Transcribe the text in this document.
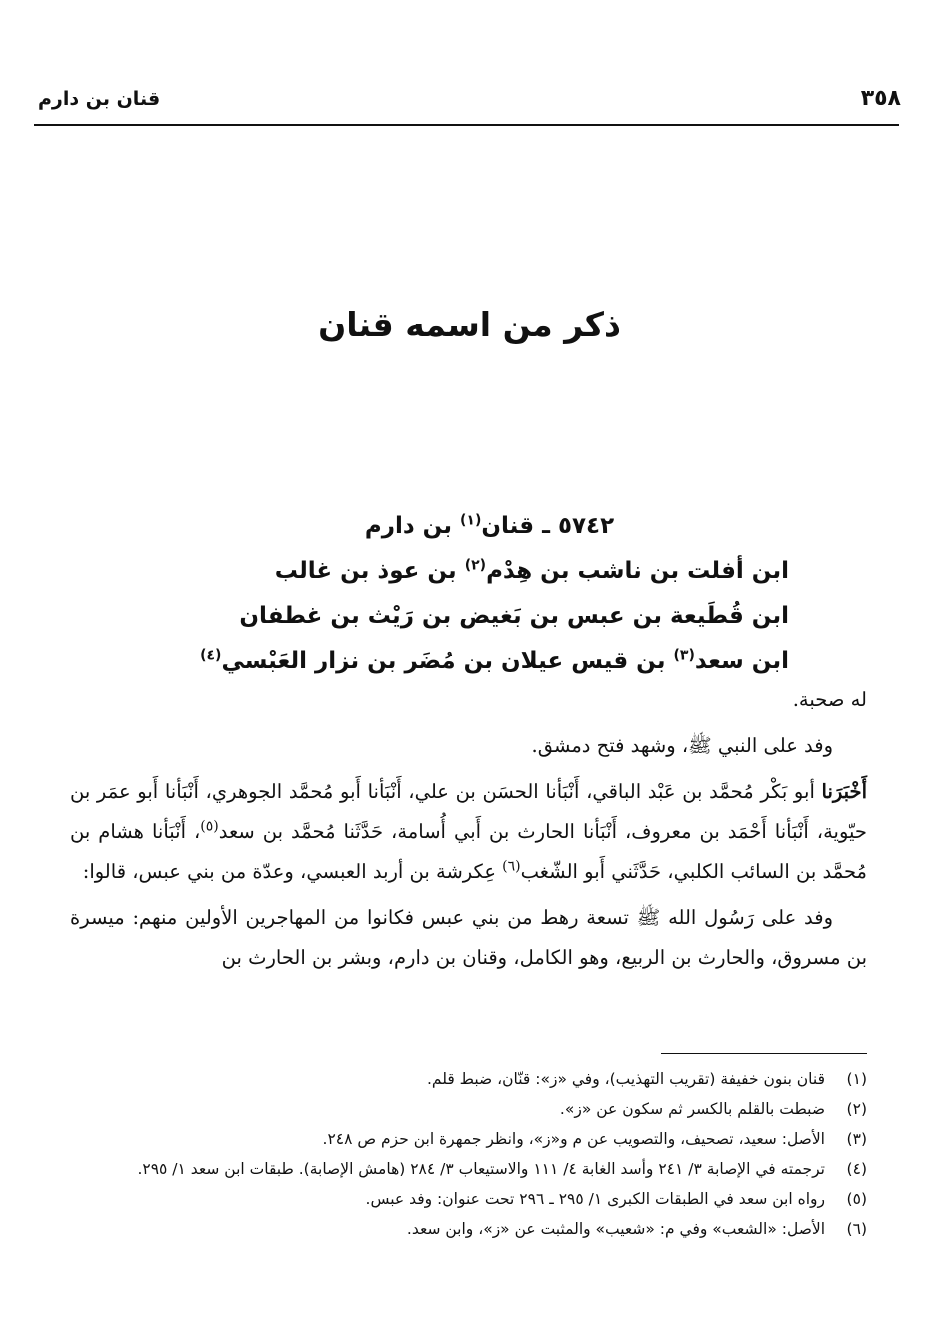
٣٥٨
قنان بن دارم
ذكر من اسمه قنان
٥٧٤٢ ـ قنان$^{(١)}$ بن دارم
ابن أفلت بن ناشب بن هِدْم$^{(٢)}$ بن عوذ بن غالب
ابن قُطَيعة بن عبس بن بَغيض بن رَيْث بن غطفان
ابن سعد$^{(٣)}$ بن قيس عيلان بن مُضَر بن نزار العَبْسي$^{(٤)}$

له صحبة.

وفد على النبي ﷺ، وشهد فتح دمشق.

أَخْبَرَنا أبو بَكْر مُحمَّد بن عَبْد الباقي، أَنْبَأنا الحسَن بن علي، أَنْبَأنا أَبو مُحمَّد الجوهري، أَنْبَأنا أَبو عمَر بن حيّوية، أَنْبَأنا أَحْمَد بن معروف، أَنْبَأنا الحارث بن أَبي أُسامة، حَدَّثَنا مُحمَّد بن سعد$^{(٥)}$، أَنْبَأنا هشام بن مُحمَّد بن السائب الكلبي، حَدَّثَني أَبو الشّغب$^{(٦)}$ عِكرشة بن أربد العبسي، وعدّة من بني عبس، قالوا:

وفد على رَسُول الله ﷺ تسعة رهط من بني عبس فكانوا من المهاجرين الأولين منهم: ميسرة بن مسروق، والحارث بن الربيع، وهو الكامل، وقنان بن دارم، وبشر بن الحارث بن

(١)
قنان بنون خفيفة (تقريب التهذيب)، وفي «ز»: قنّان، ضبط قلم.
(٢)
ضبطت بالقلم بالكسر ثم سكون عن «ز».
(٣)
الأصل: سعيد، تصحيف، والتصويب عن م و«ز»، وانظر جمهرة ابن حزم ص ٢٤٨.
(٤)
ترجمته في الإصابة ٣/ ٢٤١ وأسد الغابة ٤/ ١١١ والاستيعاب ٣/ ٢٨٤ (هامش الإصابة). طبقات ابن سعد ١/ ٢٩٥.
(٥)
رواه ابن سعد في الطبقات الكبرى ١/ ٢٩٥ ـ ٢٩٦ تحت عنوان: وفد عبس.
(٦)
الأصل: «الشعب» وفي م: «شعيب» والمثبت عن «ز»، وابن سعد.
